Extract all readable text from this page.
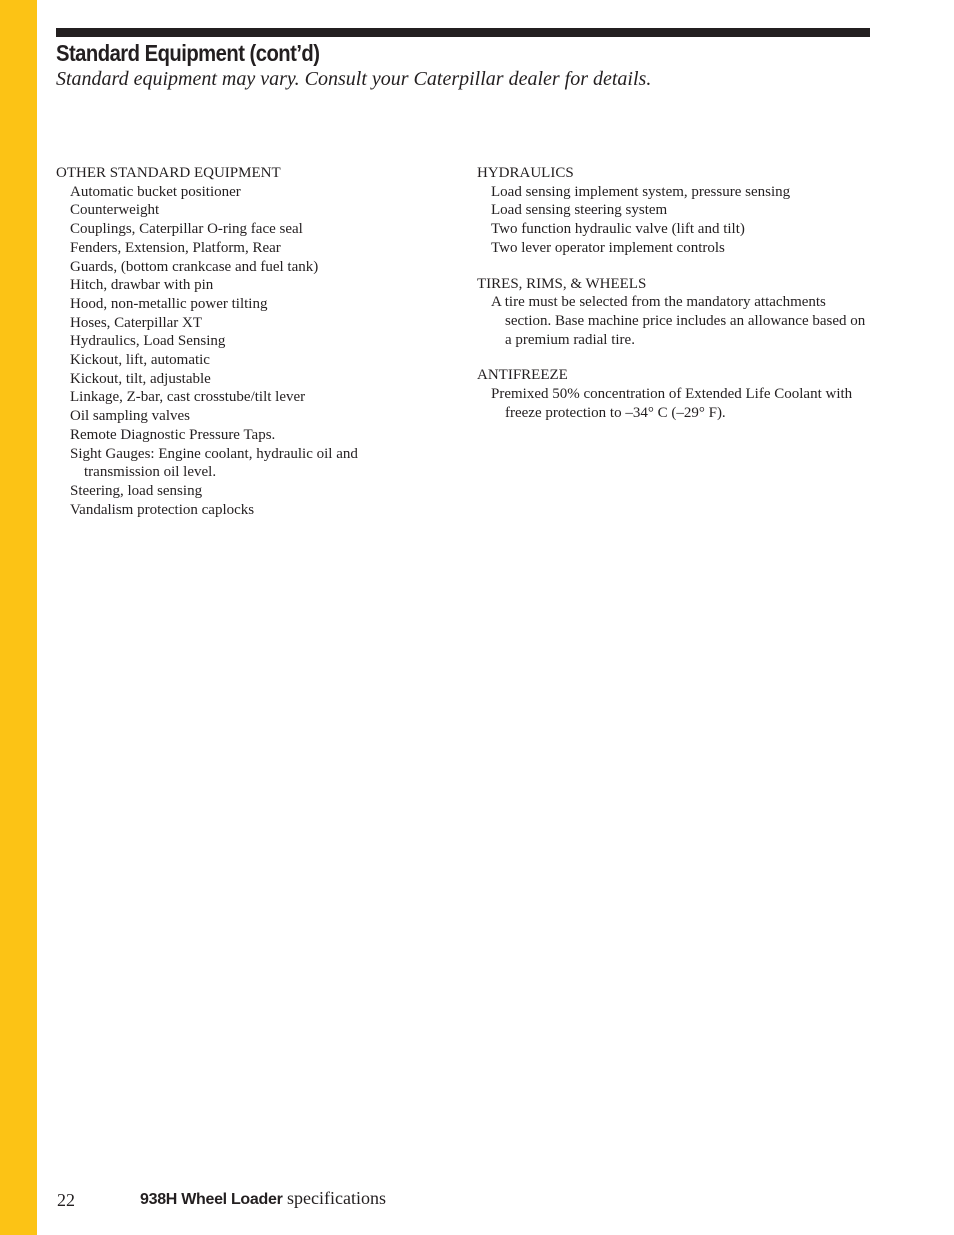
Standard Equipment (cont’d)

Standard equipment may vary. Consult your Caterpillar dealer for details.

OTHER STANDARD EQUIPMENT
Automatic bucket positioner
Counterweight
Couplings, Caterpillar O-ring face seal
Fenders, Extension, Platform, Rear
Guards, (bottom crankcase and fuel tank)
Hitch, drawbar with pin
Hood, non-metallic power tilting
Hoses, Caterpillar XT
Hydraulics, Load Sensing
Kickout, lift, automatic
Kickout, tilt, adjustable
Linkage, Z-bar, cast crosstube/tilt lever
Oil sampling valves
Remote Diagnostic Pressure Taps.
Sight Gauges: Engine coolant, hydraulic oil and transmission oil level.
Steering, load sensing
Vandalism protection caplocks
HYDRAULICS
Load sensing implement system, pressure sensing
Load sensing steering system
Two function hydraulic valve (lift and tilt)
Two lever operator implement controls
TIRES, RIMS, & WHEELS
A tire must be selected from the mandatory attachments section. Base machine price includes an allowance based on a premium radial tire.
ANTIFREEZE
Premixed 50% concentration of Extended Life Coolant with freeze protection to –34° C (–29° F).
22	938H Wheel Loader specifications
